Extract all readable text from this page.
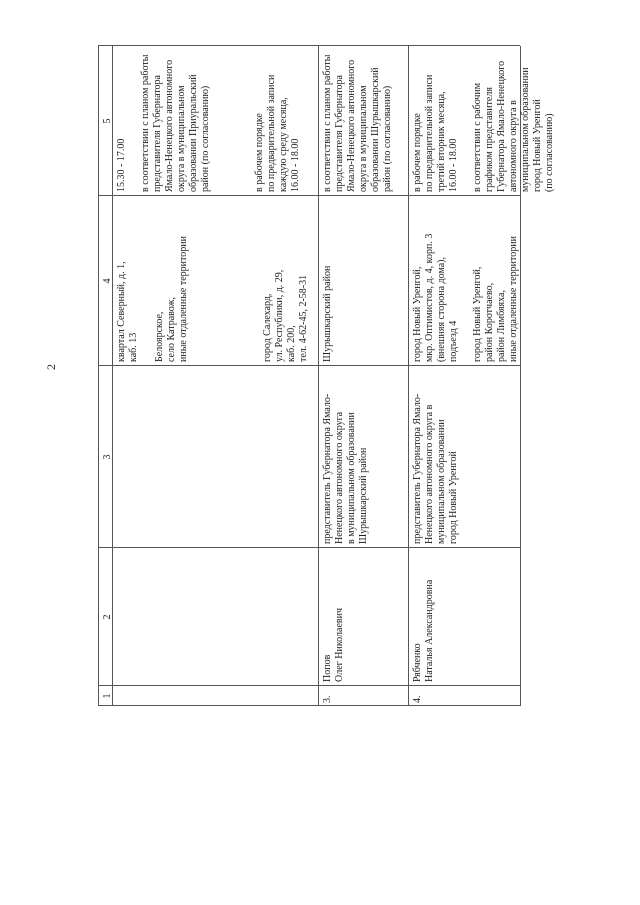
2
1
2
3
4
5
квартал Северный, д. 1,
каб. 13 Белоярское,
село Катравож,
иные отдаленные территории
город Салехард,
ул. Республики, д. 29,
каб. 200,
тел. 4-62-45, 2-58-31
15.30 - 17.00 в соответствии с планом работы
представителя Губернатора
Ямало-Ненецкого автономного
округа в муниципальном
образовании Приуральский
район (по согласованию)
в рабочем порядке
по предварительной записи
каждую среду месяца,
16.00 - 18.00
3.
Попов
Олег Николаевич
представитель Губернатора Ямало-
Ненецкого автономного округа
в муниципальном образовании
Шурышкарский район
Шурышкарский район
в соответствии с планом работы
представителя Губернатора
Ямало-Ненецкого автономного
округа в муниципальном
образовании Шурышкарский
район (по согласованию)
4.
Рябченко
Наталья Александровна
представитель Губернатора Ямало-
Ненецкого автономного округа в
муниципальном образовании
город Новый Уренгой
город Новый Уренгой,
мкр. Оптимистов, д. 4, корп. 3
(внешняя сторона дома),
подъезд 4
город Новый Уренгой,
район Коротчаево,
район Лимбяяха,
иные отдаленные территории
в рабочем порядке
по предварительной записи
третий вторник месяца,
16.00 - 18.00
в соответствии с рабочим
графиком представителя
Губернатора Ямало-Ненецкого
автономного округа в
муниципальном образовании
город Новый Уренгой
(по согласованию)
